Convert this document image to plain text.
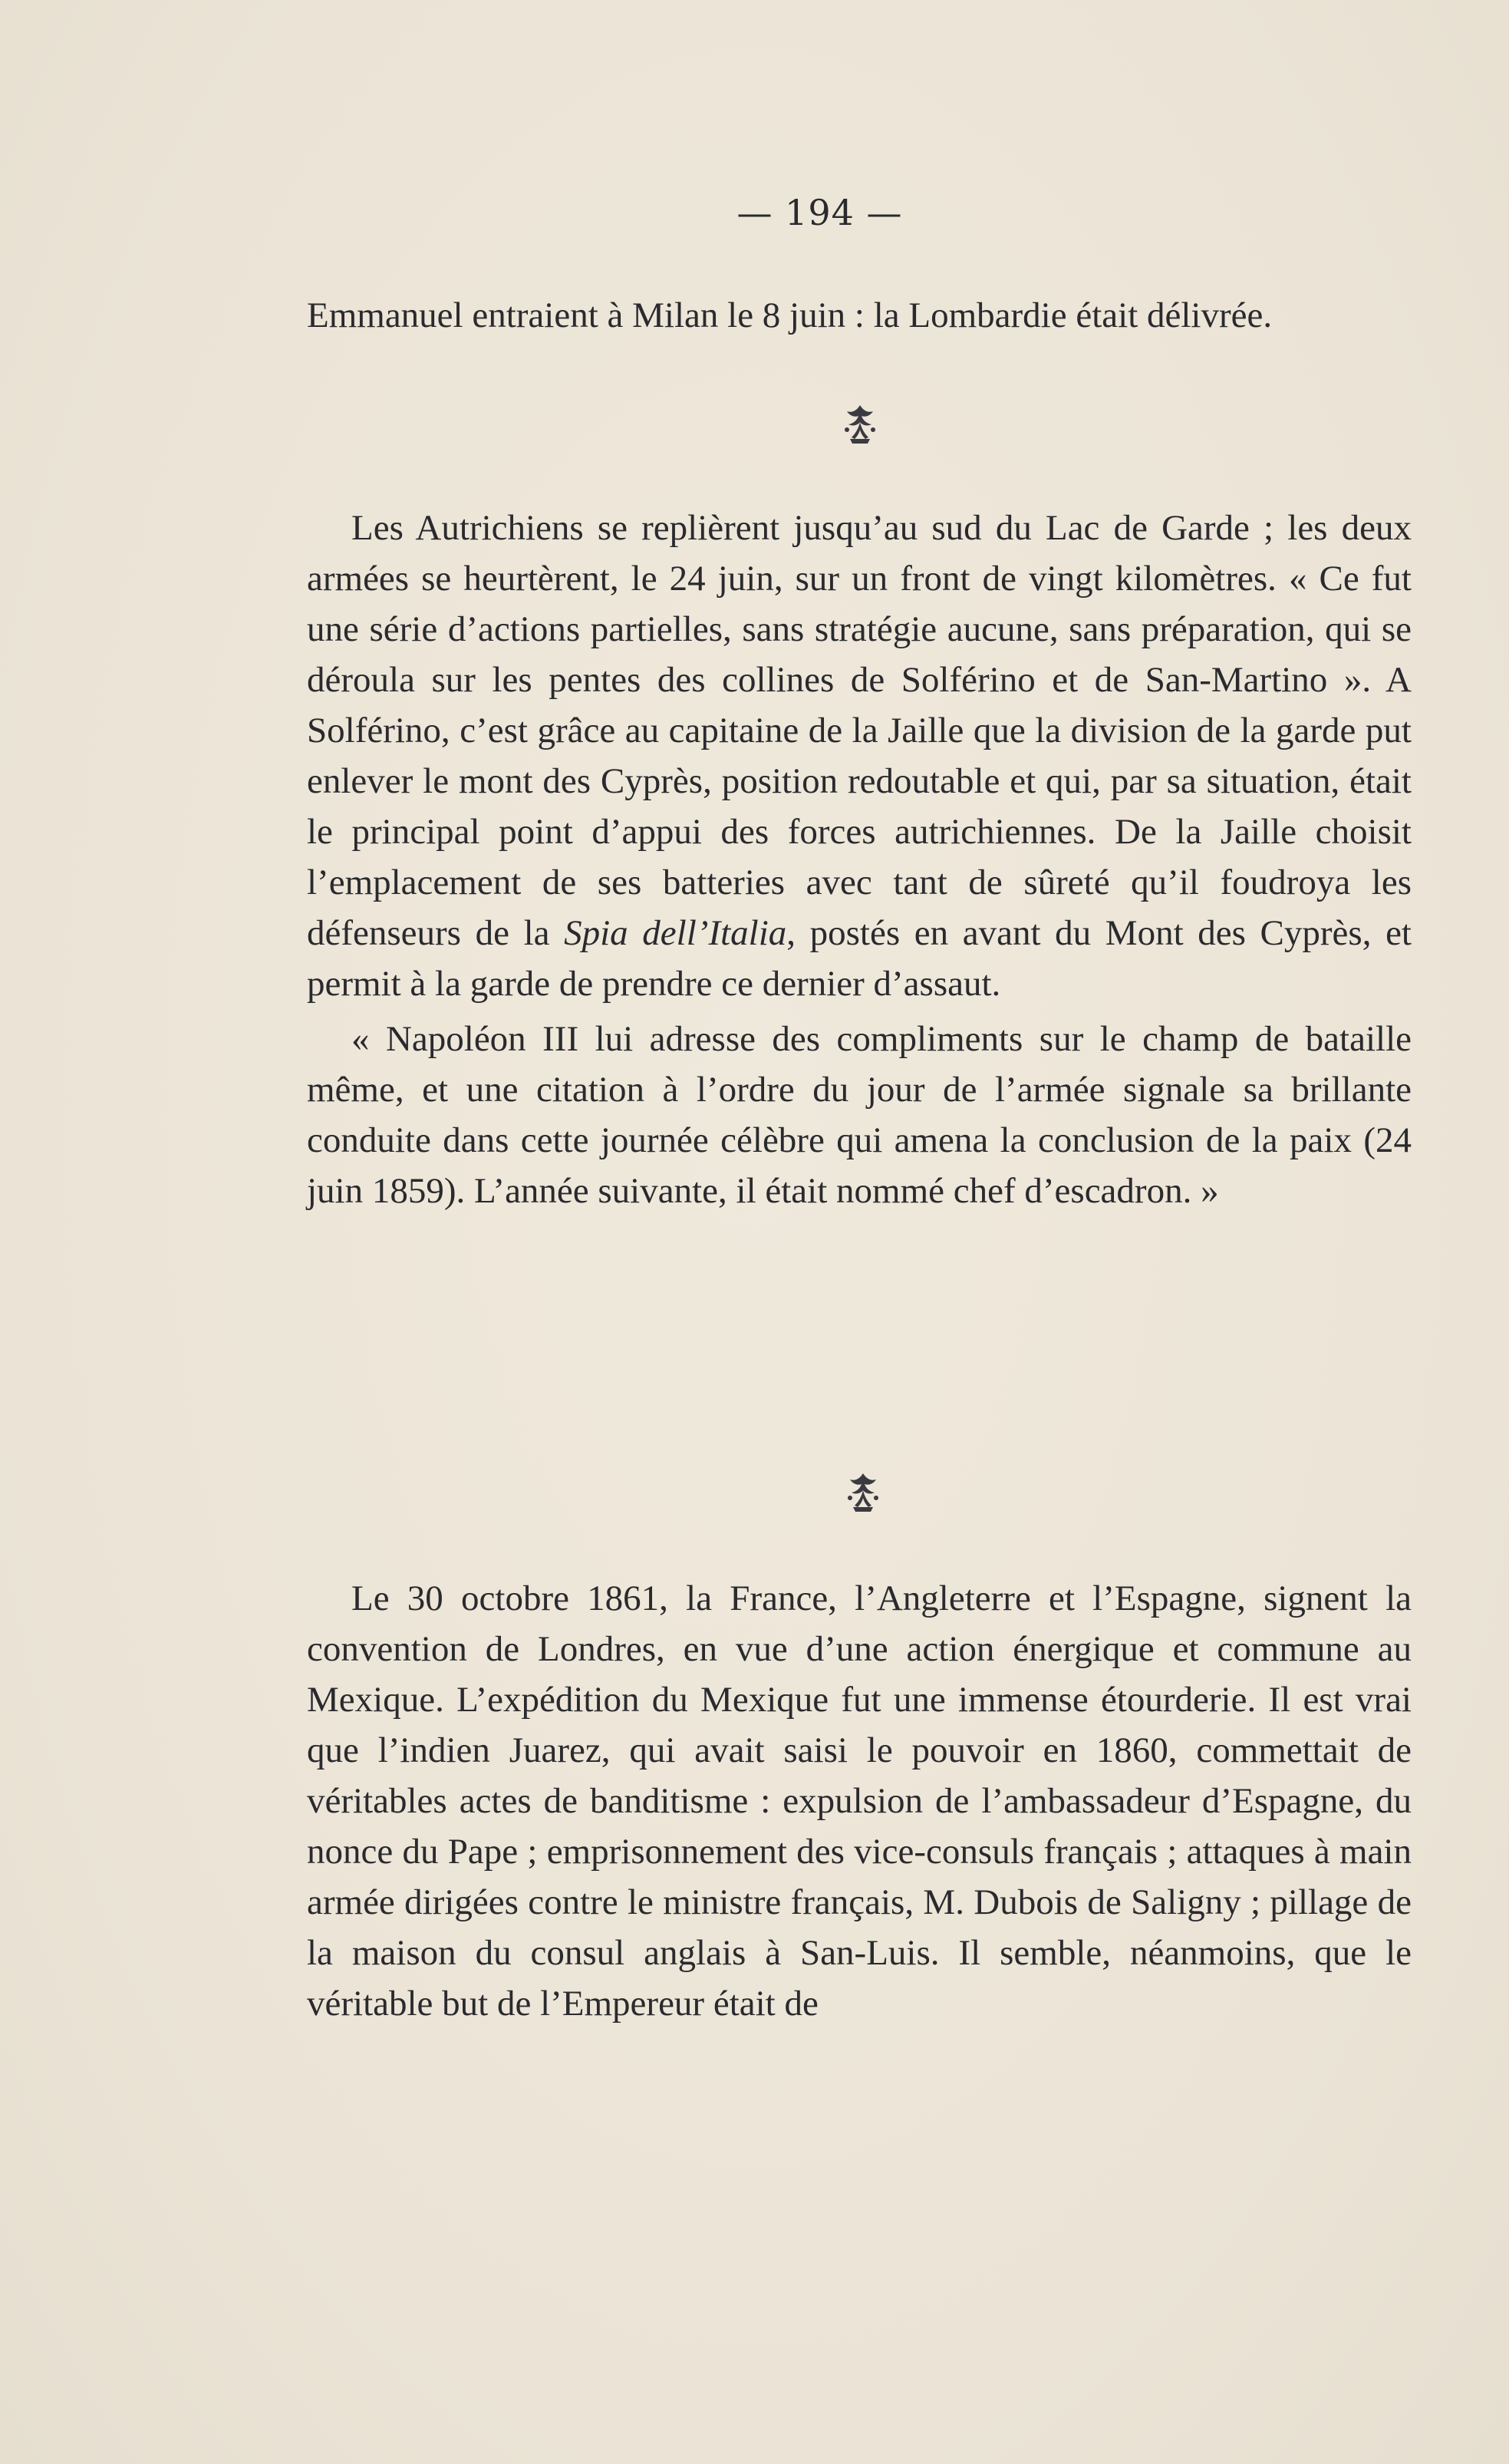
— 194 —

Emmanuel entraient à Milan le 8 juin : la Lombardie était délivrée.

Les Autrichiens se replièrent jusqu’au sud du Lac de Garde ; les deux armées se heurtèrent, le 24 juin, sur un front de vingt kilomètres. « Ce fut une série d’actions partielles, sans stratégie aucune, sans préparation, qui se déroula sur les pentes des collines de Solférino et de San-Martino ». A Solférino, c’est grâce au capitaine de la Jaille que la division de la garde put enlever le mont des Cyprès, position redoutable et qui, par sa situation, était le principal point d’appui des forces autrichiennes. De la Jaille choisit l’emplacement de ses batteries avec tant de sûreté qu’il foudroya les défenseurs de la Spia dell’Italia, postés en avant du Mont des Cyprès, et permit à la garde de prendre ce dernier d’assaut.

« Napoléon III lui adresse des compliments sur le champ de bataille même, et une citation à l’ordre du jour de l’armée signale sa brillante conduite dans cette journée célèbre qui amena la conclusion de la paix (24 juin 1859). L’année suivante, il était nommé chef d’escadron. »

Le 30 octobre 1861, la France, l’Angleterre et l’Espagne, signent la convention de Londres, en vue d’une action énergique et commune au Mexique. L’expédition du Mexique fut une immense étourderie. Il est vrai que l’indien Juarez, qui avait saisi le pouvoir en 1860, commettait de véritables actes de banditisme : expulsion de l’ambassadeur d’Espagne, du nonce du Pape ; emprisonnement des vice-consuls français ; attaques à main armée dirigées contre le ministre français, M. Dubois de Saligny ; pillage de la maison du consul anglais à San-Luis. Il semble, néanmoins, que le véritable but de l’Empereur était de
